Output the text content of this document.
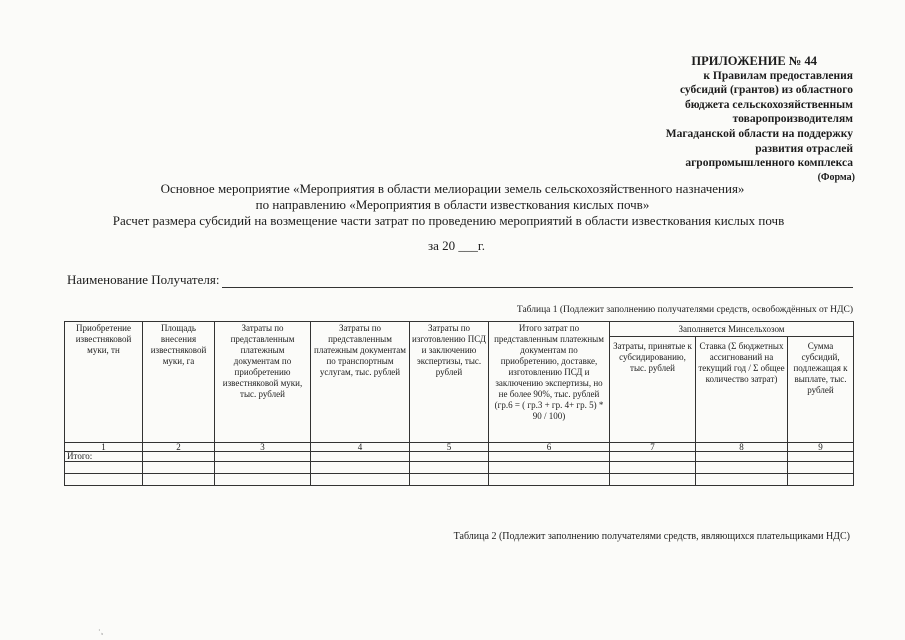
ПРИЛОЖЕНИЕ № 44
к Правилам предоставления
субсидий (грантов) из областного
бюджета сельскохозяйственным
товаропроизводителям
Магаданской области на поддержку
развития отраслей
агропромышленного комплекса
(Форма)
Основное мероприятие «Мероприятия в области мелиорации земель сельскохозяйственного назначения»
по направлению «Мероприятия в области известкования кислых почв»
Расчет размера субсидий на возмещение части затрат по проведению мероприятий в области известкования кислых почв
за 20 ___г.
Наименование Получателя:
Таблица 1 (Подлежит заполнению получателями средств, освобождённых от НДС)
Приобретение известняковой муки, тн	Площадь внесения известняковой муки, га	Затраты по представленным платежным документам по приобретению известняковой муки, тыс. рублей	Затраты по представленным платежным документам по транспортным услугам, тыс. рублей	Затраты по изготовлению ПСД и заключению экспертизы, тыс. рублей	Итого затрат по представленным платежным документам по приобретению, доставке, изготовлению ПСД и заключению экспертизы, но не более 90%, тыс. рублей (гр.6 = ( гр.3 + гр. 4+ гр. 5) * 90 / 100)	Заполняется Минсельхозом		
						Затраты, принятые к субсидированию, тыс. рублей	Ставка (Σ бюджетных ассигнований на текущий год / Σ общее количество затрат)	Сумма субсидий, подлежащая к выплате, тыс. рублей
1	2	3	4	5	6	7	8	9
Итого:								

Таблица 2 (Подлежит заполнению получателями средств, являющихся плательщиками НДС)
·¸
